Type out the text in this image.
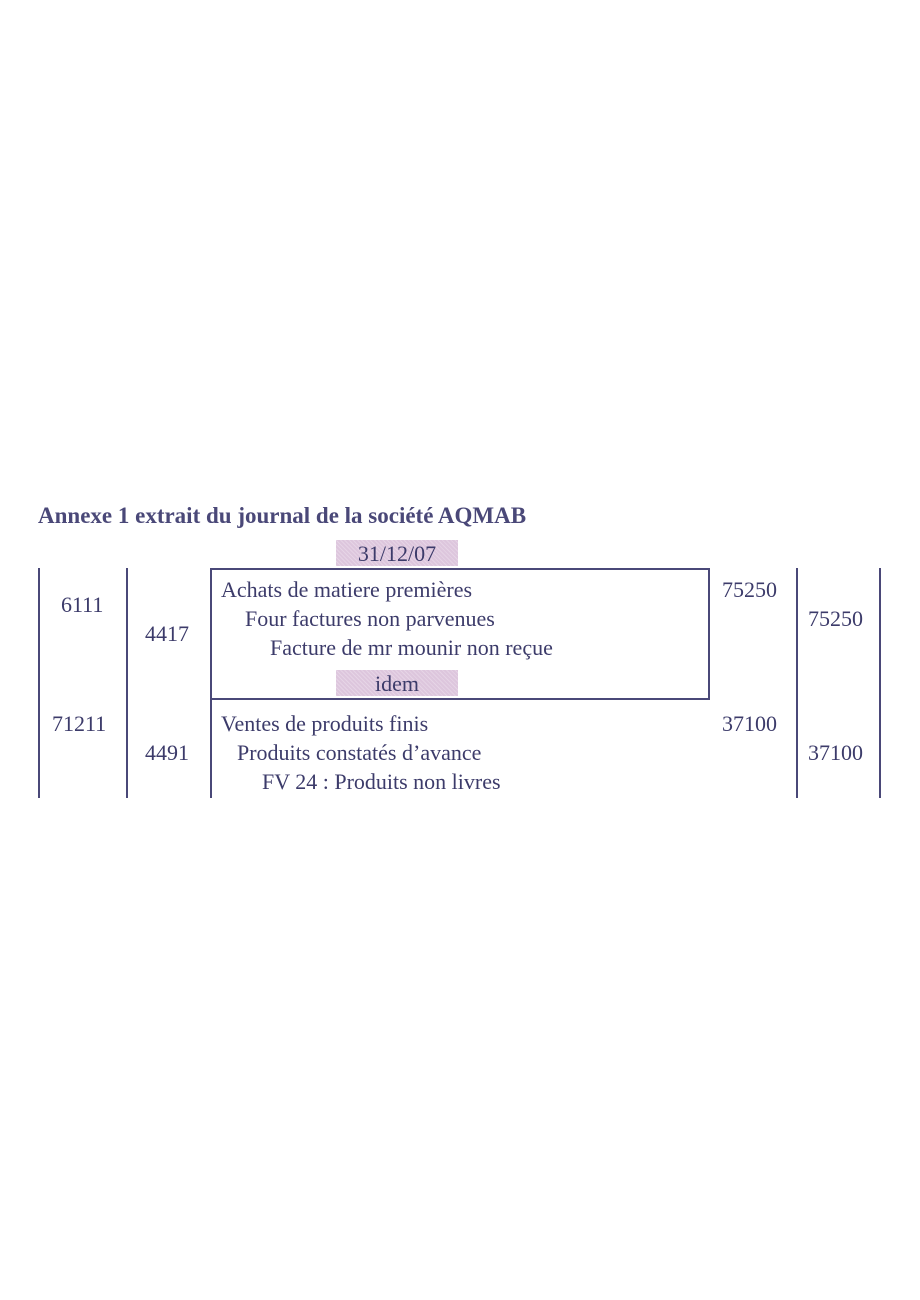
Annexe 1 extrait du journal de la société AQMAB
31/12/07
6111
4417
Achats de matiere premières
Four factures non parvenues
Facture de mr mounir non reçue
75250
75250
idem
71211
4491
Ventes de produits finis
Produits constatés d’avance
FV 24 : Produits non livres
37100
37100
